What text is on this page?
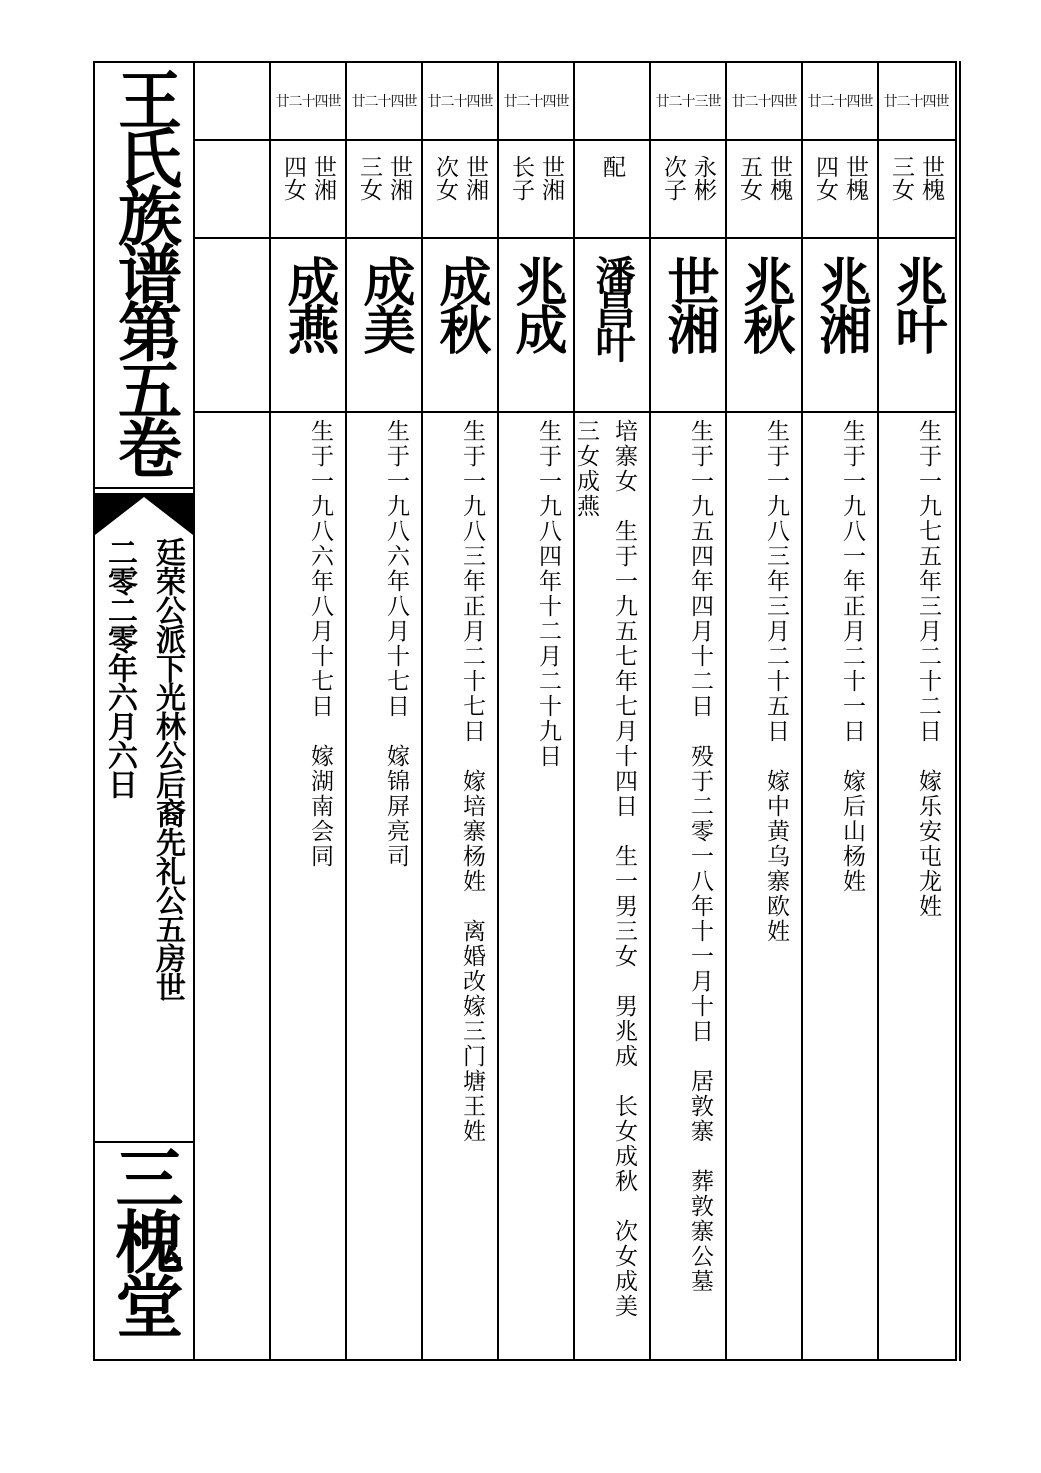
王氏族谱第五卷
廷荣公派下光林公后裔先礼公五房世
二零二零年六月六日
三槐堂
廿二十四世
世湘四女
成燕
生于一九八六年八月十七日　嫁湖南会同
廿二十四世
世湘三女
成美
生于一九八六年八月十七日　嫁锦屏亮司
廿二十四世
世湘次女
成秋
生于一九八三年正月二十七日　嫁培寨杨姓　离婚改嫁三门塘王姓
廿二十四世
世湘长子
兆成
生于一九八四年十二月二十九日
配
潘昌叶
培寨女　生于一九五七年七月十四日　生一男三女　男兆成　长女成秋　次女成美　三女成燕
廿二十三世
永彬次子
世湘
生于一九五四年四月十二日　殁于二零一八年十一月十日　居敦寨　葬敦寨公墓
廿二十四世
世槐五女
兆秋
生于一九八三年三月二十五日　嫁中黄乌寨欧姓
廿二十四世
世槐四女
兆湘
生于一九八一年正月二十一日　嫁后山杨姓
廿二十四世
世槐三女
兆叶
生于一九七五年三月二十二日　嫁乐安屯龙姓
